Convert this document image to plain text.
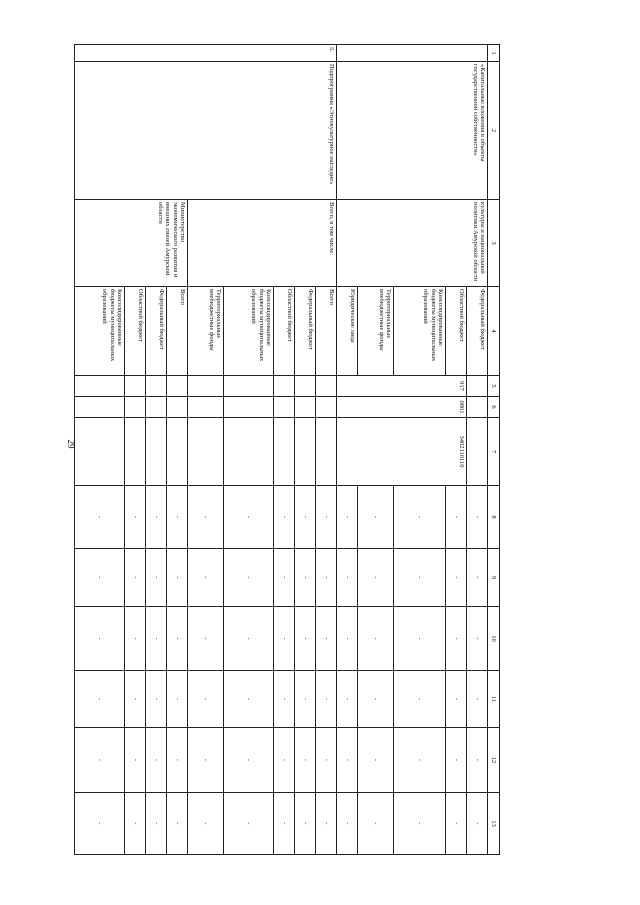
29
1	2	3	4	5	6	7	8	9	10	11	12	13
	«Капитальные вложения в объекты государственной собственности»	культуры и национальной политики Амурской области	Федеральный бюджет				-	-	-	-	-	-
			Областной бюджет	917	0801	3402110110	-	-	-	-	-	-
			Консолидированные бюджеты муниципальных образований				-	-	-	-	-	-
			Территориальные внебюджетные фонды				-	-	-	-	-	-
			Юридические лица				-	-	-	-	-	-
5.	Подпрограмма «Этнокультурное наследие»	Всего, в том числе:	Всего				-	-	-	-	-	-
			Федеральный бюджет				-	-	-	-	-	-
			Областной бюджет				-	-	-	-	-	-
			Консолидированные бюджеты муниципальных образований				-	-	-	-	-	-
			Территориальные внебюджетные фонды				-	-	-	-	-	-
		Министерство экономического развития и внешних связей Амурской области	Всего				-	-	-	-	-	-
			Федеральный бюджет				-	-	-	-	-	-
			Областной бюджет				-	-	-	-	-	-
			Консолидированные бюджеты муниципальных образований				-	-	-	-	-	-
